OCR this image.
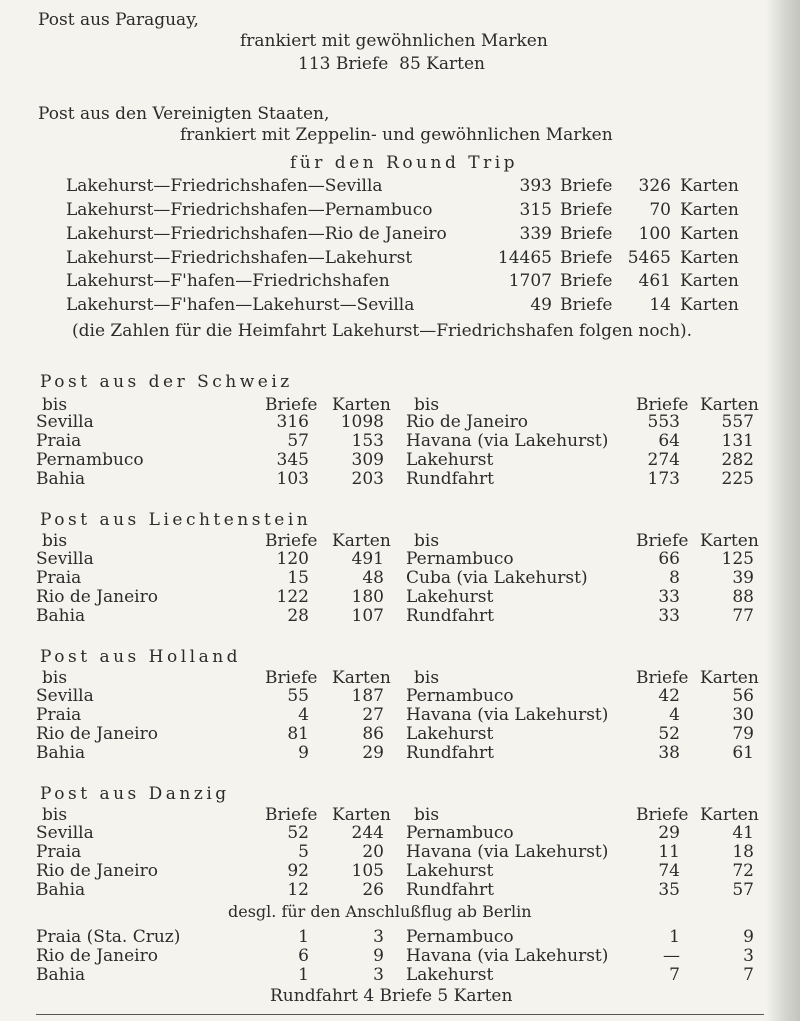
Post aus Paraguay,
frankiert mit gewöhnlichen Marken
113 Briefe  85 Karten
Post aus den Vereinigten Staaten,
frankiert mit Zeppelin- und gewöhnlichen Marken
für den Round Trip
Lakehurst—Friedrichshafen—Sevilla	393 Briefe	326 Karten
Lakehurst—Friedrichshafen—Pernambuco	315 Briefe	70 Karten
Lakehurst—Friedrichshafen—Rio de Janeiro	339 Briefe	100 Karten
Lakehurst—Friedrichshafen—Lakehurst	14465 Briefe 5465 Karten
Lakehurst—F'hafen—Friedrichshafen	1707 Briefe	461 Karten
Lakehurst—F'hafen—Lakehurst—Sevilla	49 Briefe	14 Karten
(die Zahlen für die Heimfahrt Lakehurst—Friedrichshafen folgen noch).
Post aus der Schweiz
bis	Briefe Karten bis	Briefe Karten
Sevilla	316	1098
Praia	57	153
Pernambuco	345	309
Bahia	103	203
Rio de Janeiro	553	557
Havana (via Lakehurst)	64	131
Lakehurst	274	282
Rundfahrt	173	225
Post aus Liechtenstein
bis	Briefe Karten bis	Briefe Karten
Sevilla	120	491
Praia	15	48
Rio de Janeiro	122	180
Bahia	28	107
Pernambuco	66	125
Cuba (via Lakehurst)	8	39
Lakehurst	33	88
Rundfahrt	33	77
Post aus Holland
bis	Briefe Karten bis	Briefe Karten
Sevilla	55	187
Praia	4	27
Rio de Janeiro	81	86
Bahia	9	29
Pernambuco	42	56
Havana (via Lakehurst)	4	30
Lakehurst	52	79
Rundfahrt	38	61
Post aus Danzig
bis	Briefe Karten bis	Briefe Karten
Sevilla	52	244
Praia	5	20
Rio de Janeiro	92	105
Bahia	12	26
Pernambuco	29	41
Havana (via Lakehurst)	11	18
Lakehurst	74	72
Rundfahrt	35	57
desgl. für den Anschlußflug ab Berlin
Praia (Sta. Cruz)	1	3
Rio de Janeiro	6	9
Bahia	1	3
Pernambuco	1	9
Havana (via Lakehurst)	—	3
Lakehurst	7	7
Rundfahrt 4 Briefe 5 Karten
